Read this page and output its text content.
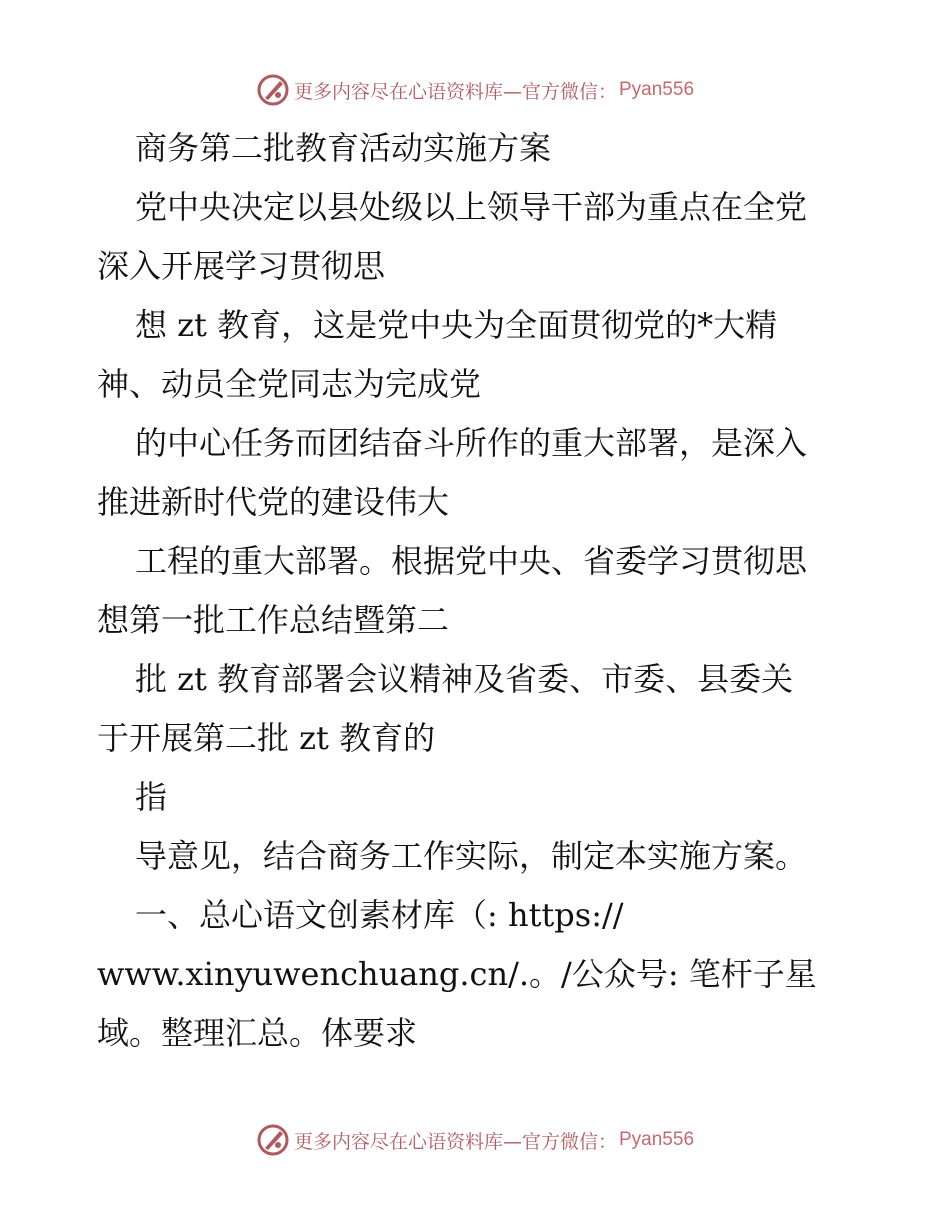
更多内容尽在心语资料库—官方微信： Pyan556
商务第二批教育活动实施方案
党中央决定以县处级以上领导干部为重点在全党
深入开展学习贯彻思
想 zt 教育，这是党中央为全面贯彻党的*大精
神、动员全党同志为完成党
的中心任务而团结奋斗所作的重大部署，是深入
推进新时代党的建设伟大
工程的重大部署。根据党中央、省委学习贯彻思
想第一批工作总结暨第二
批 zt 教育部署会议精神及省委、市委、县委关
于开展第二批 zt 教育的
指
导意见，结合商务工作实际，制定本实施方案。
一、总心语文创素材库（: https://
www.xinyuwenchuang.cn/.。/公众号: 笔杆子星
域。整理汇总。体要求
更多内容尽在心语资料库—官方微信： Pyan556
